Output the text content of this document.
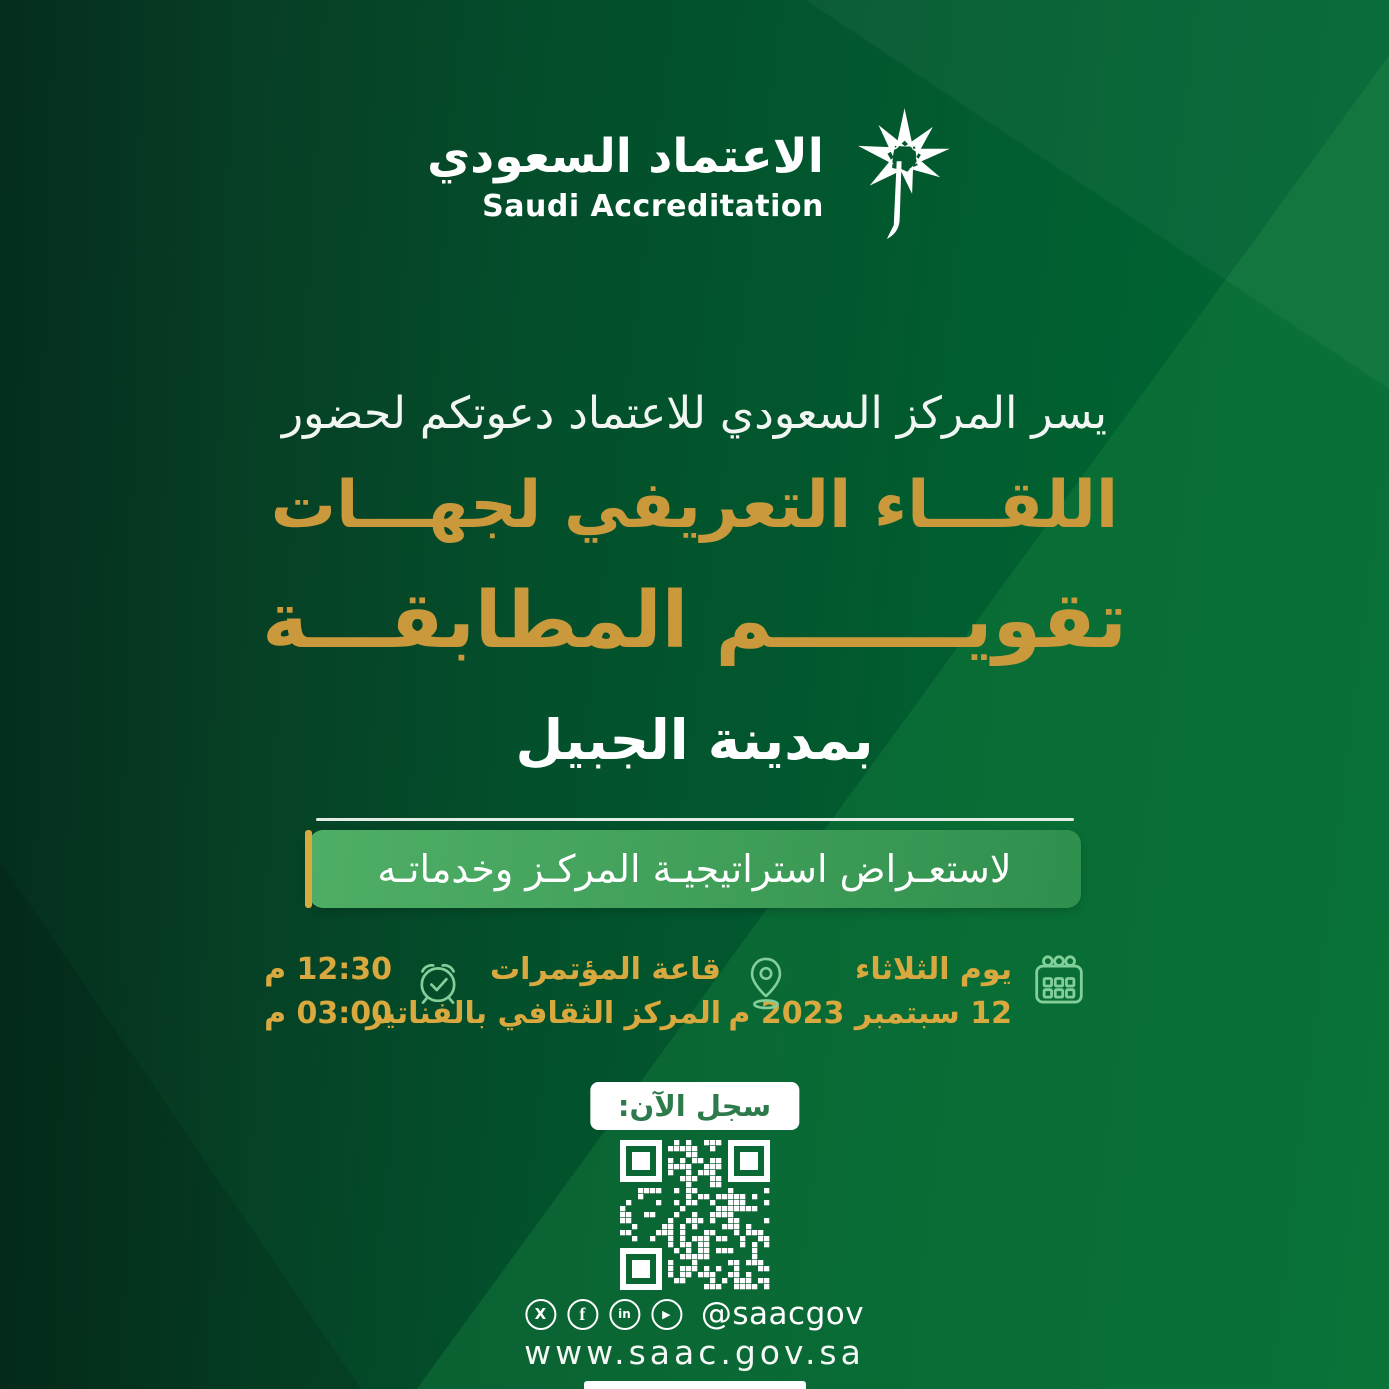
الاعتماد السعودي
Saudi Accreditation
يسر المركز السعودي للاعتماد دعوتكم لحضور
اللقـــاء التعريفي لجهـــات
تقويـــــــم المطابقـــة
بمدينة الجبيل
لاستعـراض استراتيجيـة المركـز وخدماتـه
يوم الثلاثاء
12 سبتمبر 2023 م
قاعة المؤتمرات
المركز الثقافي بالفناتير
12:30 م
03:00 م
سجل الآن:
X f	in	▶ @saacgov
www.saac.gov.sa
